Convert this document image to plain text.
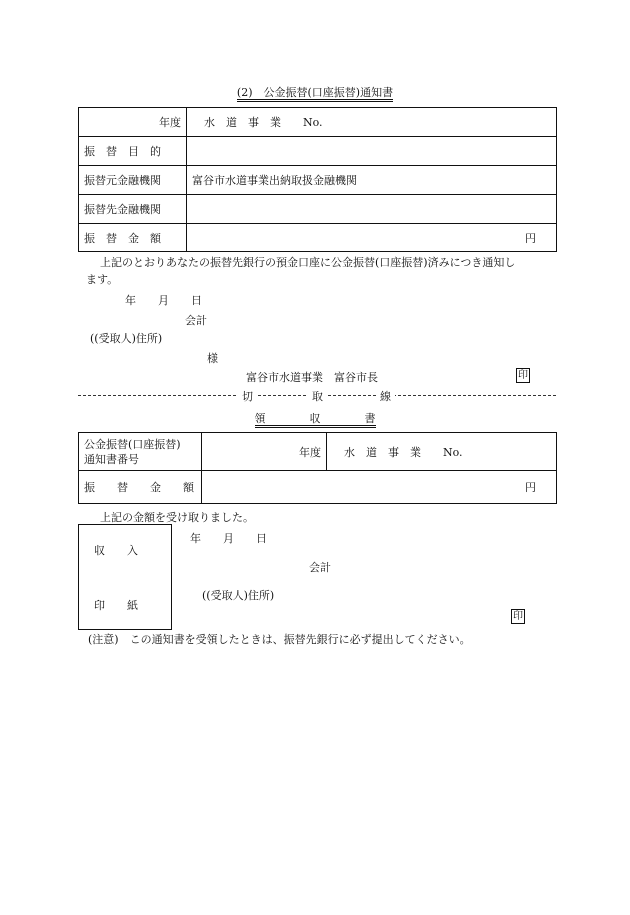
(2)　公金振替(口座振替)通知書
年度	水　道　事　業　　No.
振　替　目　的	
振替元金融機関	富谷市水道事業出納取扱金融機関
振替先金融機関	
振　替　金　額	円
上記のとおりあなたの振替先銀行の預金口座に公金振替(口座振替)済みにつき通知し
ます。
年　　月　　日
会計
((受取人)住所)
様
富谷市水道事業　富谷市長	印
切	取	線
領　　　　収　　　　書
公金振替(口座振替)
通知書番号	年度	水　道　事　業　　No.
振　　替　　金　　額	円	
上記の金額を受け取りました。
収　　入
印　　紙
年　　月　　日
会計
((受取人)住所)
印
(注意)　この通知書を受領したときは、振替先銀行に必ず提出してください。
